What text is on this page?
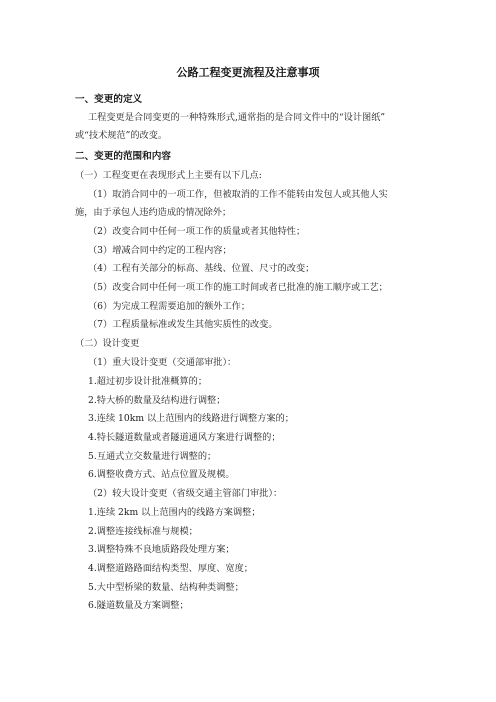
公路工程变更流程及注意事项
一、变更的定义
工程变更是合同变更的一种特殊形式,通常指的是合同文件中的“设计图纸”
或“技术规范”的改变。
二、变更的范围和内容
（一）工程变更在表现形式上主要有以下几点:
（1）取消合同中的一项工作，但被取消的工作不能转由发包人或其他人实
施，由于承包人违约造成的情况除外；
（2）改变合同中任何一项工作的质量或者其他特性；
（3）增减合同中约定的工程内容；
（4）工程有关部分的标高、基线、位置、尺寸的改变；
（5）改变合同中任何一项工作的施工时间或者已批准的施工顺序或工艺；
（6）为完成工程需要追加的额外工作；
（7）工程质量标准或发生其他实质性的改变。
（二）设计变更
（1）重大设计变更（交通部审批）：
1.超过初步设计批准概算的；
2.特大桥的数量及结构进行调整；
3.连续 10km 以上范围内的线路进行调整方案的；
4.特长隧道数量或者隧道通风方案进行调整的；
5.互通式立交数量进行调整的；
6.调整收费方式、站点位置及规模。
（2）较大设计变更（省级交通主管部门审批）：
1.连续 2km 以上范围内的线路方案调整；
2.调整连接线标准与规模；
3.调整特殊不良地质路段处理方案；
4.调整道路路面结构类型、厚度、宽度；
5.大中型桥梁的数量、结构种类调整；
6.隧道数量及方案调整；
